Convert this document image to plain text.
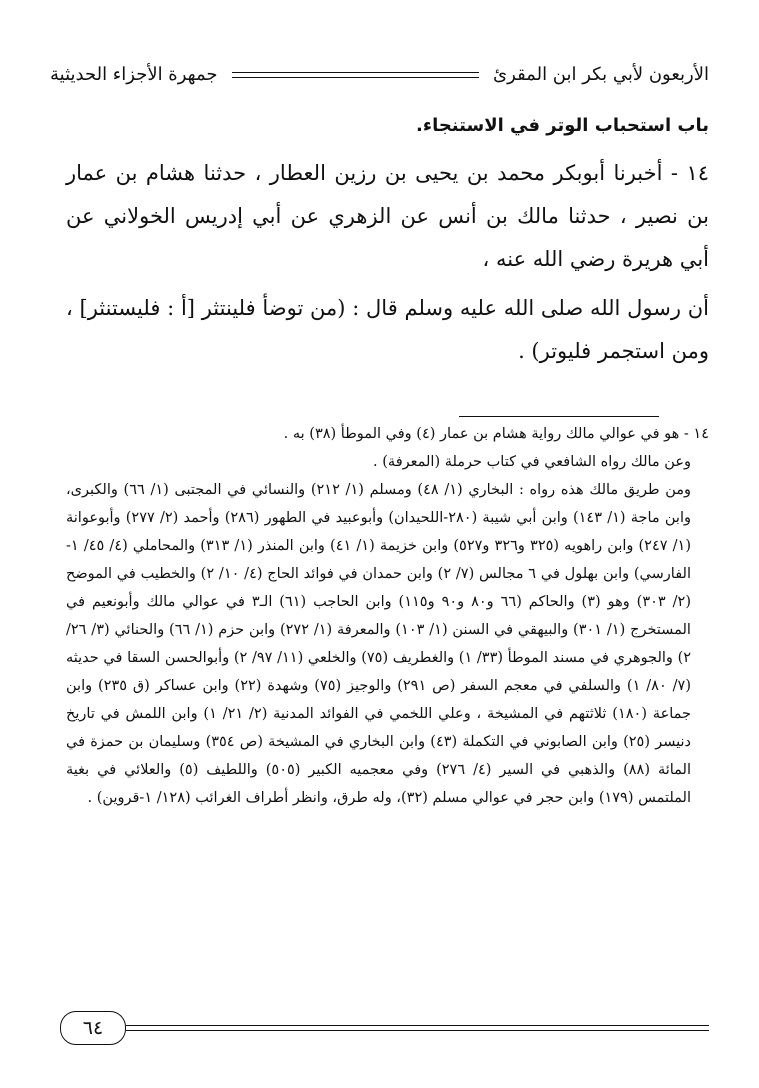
الأربعون لأبي بكر ابن المقرئ
جمهرة الأجزاء الحديثية
باب استحباب الوتر في الاستنجاء.

١٤ - أخبرنا أبوبكر محمد بن يحيى بن رزين العطار ، حدثنا هشام بن عمار بن نصير ، حدثنا مالك بن أنس عن الزهري عن أبي إدريس الخولاني عن أبي هريرة رضي الله عنه ،

أن رسول الله صلى الله عليه وسلم قال : (من توضأ فلينتثر [أ : فليستنثر] ، ومن استجمر فليوتر) .

١٤ - هو في عوالي مالك رواية هشام بن عمار (٤) وفي الموطأ (٣٨) به .

وعن مالك رواه الشافعي في كتاب حرملة (المعرفة) .

ومن طريق مالك هذه رواه : البخاري (١/ ٤٨) ومسلم (١/ ٢١٢) والنسائي في المجتبى (١/ ٦٦) والكبرى، وابن ماجة (١/ ١٤٣) وابن أبي شيبة (٢٨٠-اللحيدان) وأبوعبيد في الطهور (٢٨٦) وأحمد (٢/ ٢٧٧) وأبوعوانة (١/ ٢٤٧) وابن راهويه (٣٢٥ و٣٢٦ و٥٢٧) وابن خزيمة (١/ ٤١) وابن المنذر (١/ ٣١٣) والمحاملي (٤/ ٤٥/ ١- الفارسي) وابن بهلول في ٦ مجالس (٧/ ٢) وابن حمدان في فوائد الحاج (٤/ ١٠/ ٢) والخطيب في الموضح (٢/ ٣٠٣) وهو (٣) والحاكم (٦٦ و٨٠ و٩٠ و١١٥) وابن الحاجب (٦١) الـ٣ في عوالي مالك وأبونعيم في المستخرج (١/ ٣٠١) والبيهقي في السنن (١/ ١٠٣) والمعرفة (١/ ٢٧٢) وابن حزم (١/ ٦٦) والحنائي (٣/ ٢٦/ ٢) والجوهري في مسند الموطأ (٣٣/ ١) والغطريف (٧٥) والخلعي (١١/ ٩٧/ ٢) وأبوالحسن السقا في حديثه (٧/ ٨٠/ ١) والسلفي في معجم السفر (ص ٢٩١) والوجيز (٧٥) وشهدة (٢٢) وابن عساكر (ق ٢٣٥) وابن جماعة (١٨٠) ثلاثتهم في المشيخة ، وعلي اللخمي في الفوائد المدنية (٢/ ٢١/ ١) وابن اللمش في تاريخ دنيسر (٢٥) وابن الصابوني في التكملة (٤٣) وابن البخاري في المشيخة (ص ٣٥٤) وسليمان بن حمزة في المائة (٨٨) والذهبي في السير (٤/ ٢٧٦) وفي معجميه الكبير (٥٠٥) واللطيف (٥) والعلائي في بغية الملتمس (١٧٩) وابن حجر في عوالي مسلم (٣٢)، وله طرق، وانظر أطراف الغرائب (١٢٨/ ١-قروين) .

٦٤
